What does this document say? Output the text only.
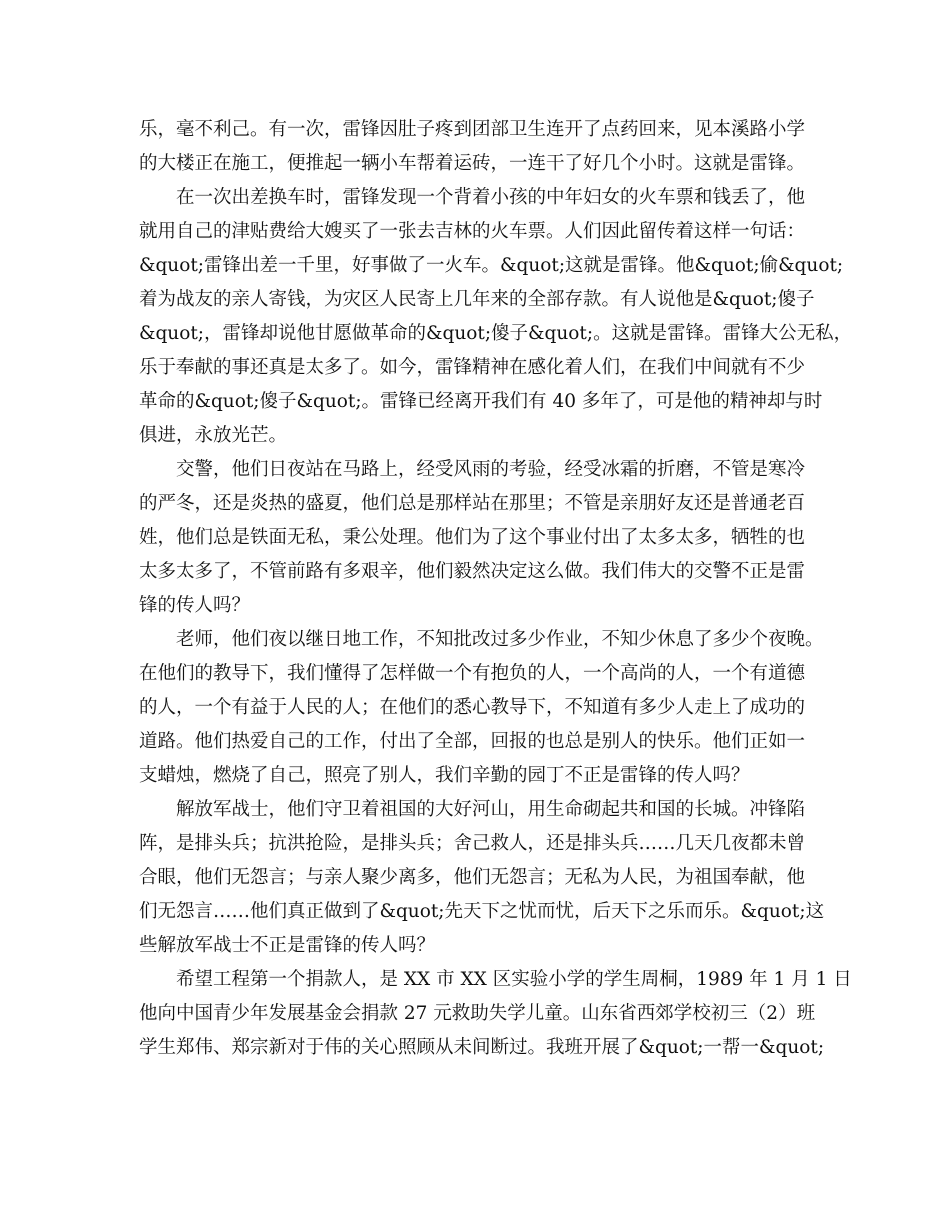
乐，毫不利己。有一次，雷锋因肚子疼到团部卫生连开了点药回来，见本溪路小学
的大楼正在施工，便推起一辆小车帮着运砖，一连干了好几个小时。这就是雷锋。
在一次出差换车时，雷锋发现一个背着小孩的中年妇女的火车票和钱丢了，他
就用自己的津贴费给大嫂买了一张去吉林的火车票。人们因此留传着这样一句话：
&quot;雷锋出差一千里，好事做了一火车。&quot;这就是雷锋。他&quot;偷&quot;
着为战友的亲人寄钱，为灾区人民寄上几年来的全部存款。有人说他是&quot;傻子
&quot;，雷锋却说他甘愿做革命的&quot;傻子&quot;。这就是雷锋。雷锋大公无私，
乐于奉献的事还真是太多了。如今，雷锋精神在感化着人们，在我们中间就有不少
革命的&quot;傻子&quot;。雷锋已经离开我们有 40 多年了，可是他的精神却与时
俱进，永放光芒。
交警，他们日夜站在马路上，经受风雨的考验，经受冰霜的折磨，不管是寒冷
的严冬，还是炎热的盛夏，他们总是那样站在那里；不管是亲朋好友还是普通老百
姓，他们总是铁面无私，秉公处理。他们为了这个事业付出了太多太多，牺牲的也
太多太多了，不管前路有多艰辛，他们毅然决定这么做。我们伟大的交警不正是雷
锋的传人吗？
老师，他们夜以继日地工作，不知批改过多少作业，不知少休息了多少个夜晚。
在他们的教导下，我们懂得了怎样做一个有抱负的人，一个高尚的人，一个有道德
的人，一个有益于人民的人；在他们的悉心教导下，不知道有多少人走上了成功的
道路。他们热爱自己的工作，付出了全部，回报的也总是别人的快乐。他们正如一
支蜡烛，燃烧了自己，照亮了别人，我们辛勤的园丁不正是雷锋的传人吗？
解放军战士，他们守卫着祖国的大好河山，用生命砌起共和国的长城。冲锋陷
阵，是排头兵；抗洪抢险，是排头兵；舍己救人，还是排头兵……几天几夜都未曾
合眼，他们无怨言；与亲人聚少离多，他们无怨言；无私为人民，为祖国奉献，他
们无怨言……他们真正做到了&quot;先天下之忧而忧，后天下之乐而乐。&quot;这
些解放军战士不正是雷锋的传人吗？
希望工程第一个捐款人，是 XX 市 XX 区实验小学的学生周桐，1989 年 1 月 1 日
他向中国青少年发展基金会捐款 27 元救助失学儿童。山东省西郊学校初三（2）班
学生郑伟、郑宗新对于伟的关心照顾从未间断过。我班开展了&quot;一帮一&quot;
